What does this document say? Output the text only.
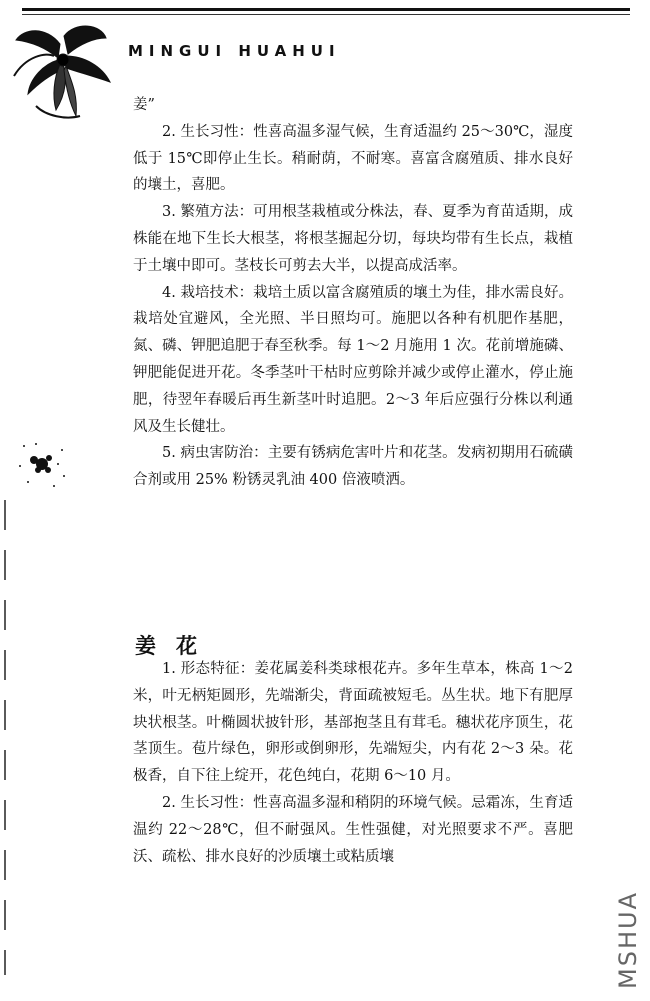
MINGUI HUAHUI

姜”

2. 生长习性：性喜高温多湿气候，生育适温约 25～30℃，湿度低于 15℃即停止生长。稍耐荫，不耐寒。喜富含腐殖质、排水良好的壤土，喜肥。

3. 繁殖方法：可用根茎栽植或分株法，春、夏季为育苗适期，成株能在地下生长大根茎，将根茎掘起分切，每块均带有生长点，栽植于土壤中即可。茎枝长可剪去大半，以提高成活率。

4. 栽培技术：栽培土质以富含腐殖质的壤土为佳，排水需良好。栽培处宜避风，全光照、半日照均可。施肥以各种有机肥作基肥，氮、磷、钾肥追肥于春至秋季。每 1～2 月施用 1 次。花前增施磷、钾肥能促进开花。冬季茎叶干枯时应剪除并减少或停止灌水，停止施肥，待翌年春暖后再生新茎叶时追肥。2～3 年后应强行分株以利通风及生长健壮。

5. 病虫害防治：主要有锈病危害叶片和花茎。发病初期用石硫磺合剂或用 25% 粉锈灵乳油 400 倍液喷洒。

姜花

1. 形态特征：姜花属姜科类球根花卉。多年生草本，株高 1～2 米，叶无柄矩圆形，先端渐尖，背面疏被短毛。丛生状。地下有肥厚块状根茎。叶椭圆状披针形，基部抱茎且有茸毛。穗状花序顶生，花茎顶生。苞片绿色，卵形或倒卵形，先端短尖，内有花 2～3 朵。花极香，自下往上绽开，花色纯白，花期 6～10 月。

2. 生长习性：性喜高温多湿和稍阴的环境气候。忌霜冻，生育适温约 22～28℃，但不耐强风。生性强健，对光照要求不严。喜肥沃、疏松、排水良好的沙质壤土或粘质壤

MSHUA
